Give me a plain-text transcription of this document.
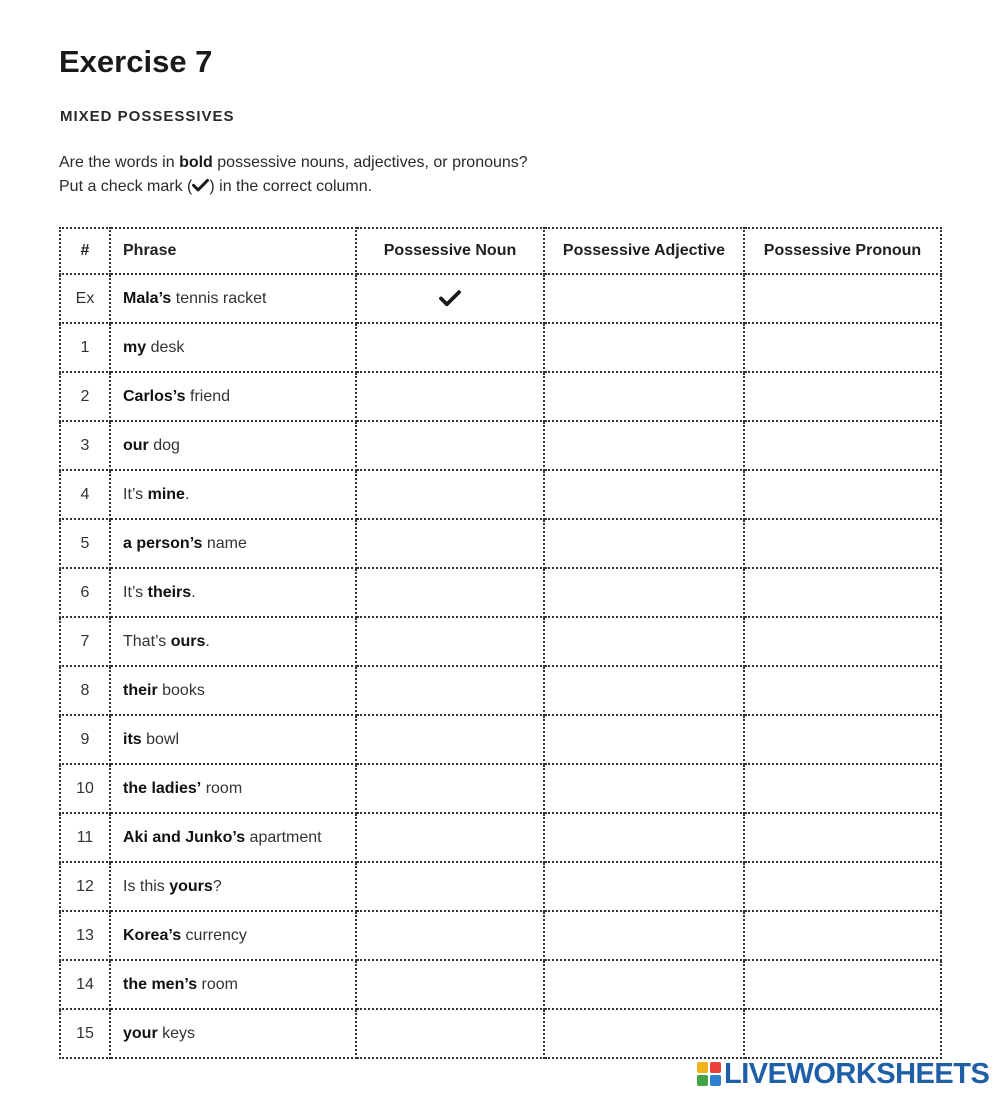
Exercise 7
MIXED POSSESSIVES

Are the words in bold possessive nouns, adjectives, or pronouns?
Put a check mark ( ) in the correct column.

#	Phrase	Possessive Noun	Possessive Adjective	Possessive Pronoun
Ex	Mala’s tennis racket			
1	my desk			
2	Carlos’s friend			
3	our dog			
4	It’s mine.			
5	a person’s name			
6	It’s theirs.			
7	That’s ours.			
8	their books			
9	its bowl			
10	the ladies’ room			
11	Aki and Junko’s apartment			
12	Is this yours?			
13	Korea’s currency			
14	the men’s room			
15	your keys			
LIVEWORKSHEETS
